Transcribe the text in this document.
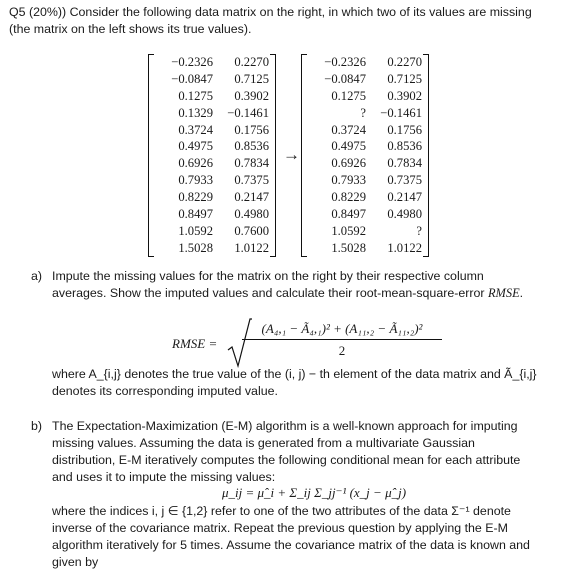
Q5 (20%)) Consider the following data matrix on the right, in which two of its values are missing
(the matrix on the left shows its true values).
−0.2326	0.2270
−0.0847	0.7125
0.1275	0.3902
0.1329	−0.1461
0.3724	0.1756
0.4975	0.8536
0.6926	0.7834
0.7933	0.7375
0.8229	0.2147
0.8497	0.4980
1.0592	0.7600
1.5028	1.0122
→
−0.2326	0.2270
−0.0847	0.7125
0.1275	0.3902
?	−0.1461
0.3724	0.1756
0.4975	0.8536
0.6926	0.7834
0.7933	0.7375
0.8229	0.2147
0.8497	0.4980
1.0592	?
1.5028	1.0122
a) Impute the missing values for the matrix on the right by their respective column
averages. Show the imputed values and calculate their root-mean-square-error RMSE.
RMSE =
(A₄,₁ − Ã₄,₁)² + (A₁₁,₂ − Ã₁₁,₂)²
2
where A_{i,j} denotes the true value of the (i, j) − th element of the data matrix and Ã_{i,j}
denotes its corresponding imputed value.
b) The Expectation-Maximization (E-M) algorithm is a well-known approach for imputing
missing values. Assuming the data is generated from a multivariate Gaussian
distribution, E-M iteratively computes the following conditional mean for each attribute
and uses it to impute the missing values:
μ_ij = μ̂_i + Σ_ij Σ_jj⁻¹ (x_j − μ̂_j)
where the indices i, j ∈ {1,2} refer to one of the two attributes of the data Σ⁻¹ denote
inverse of the covariance matrix. Repeat the previous question by applying the E-M
algorithm iteratively for 5 times. Assume the covariance matrix of the data is known and
given by
